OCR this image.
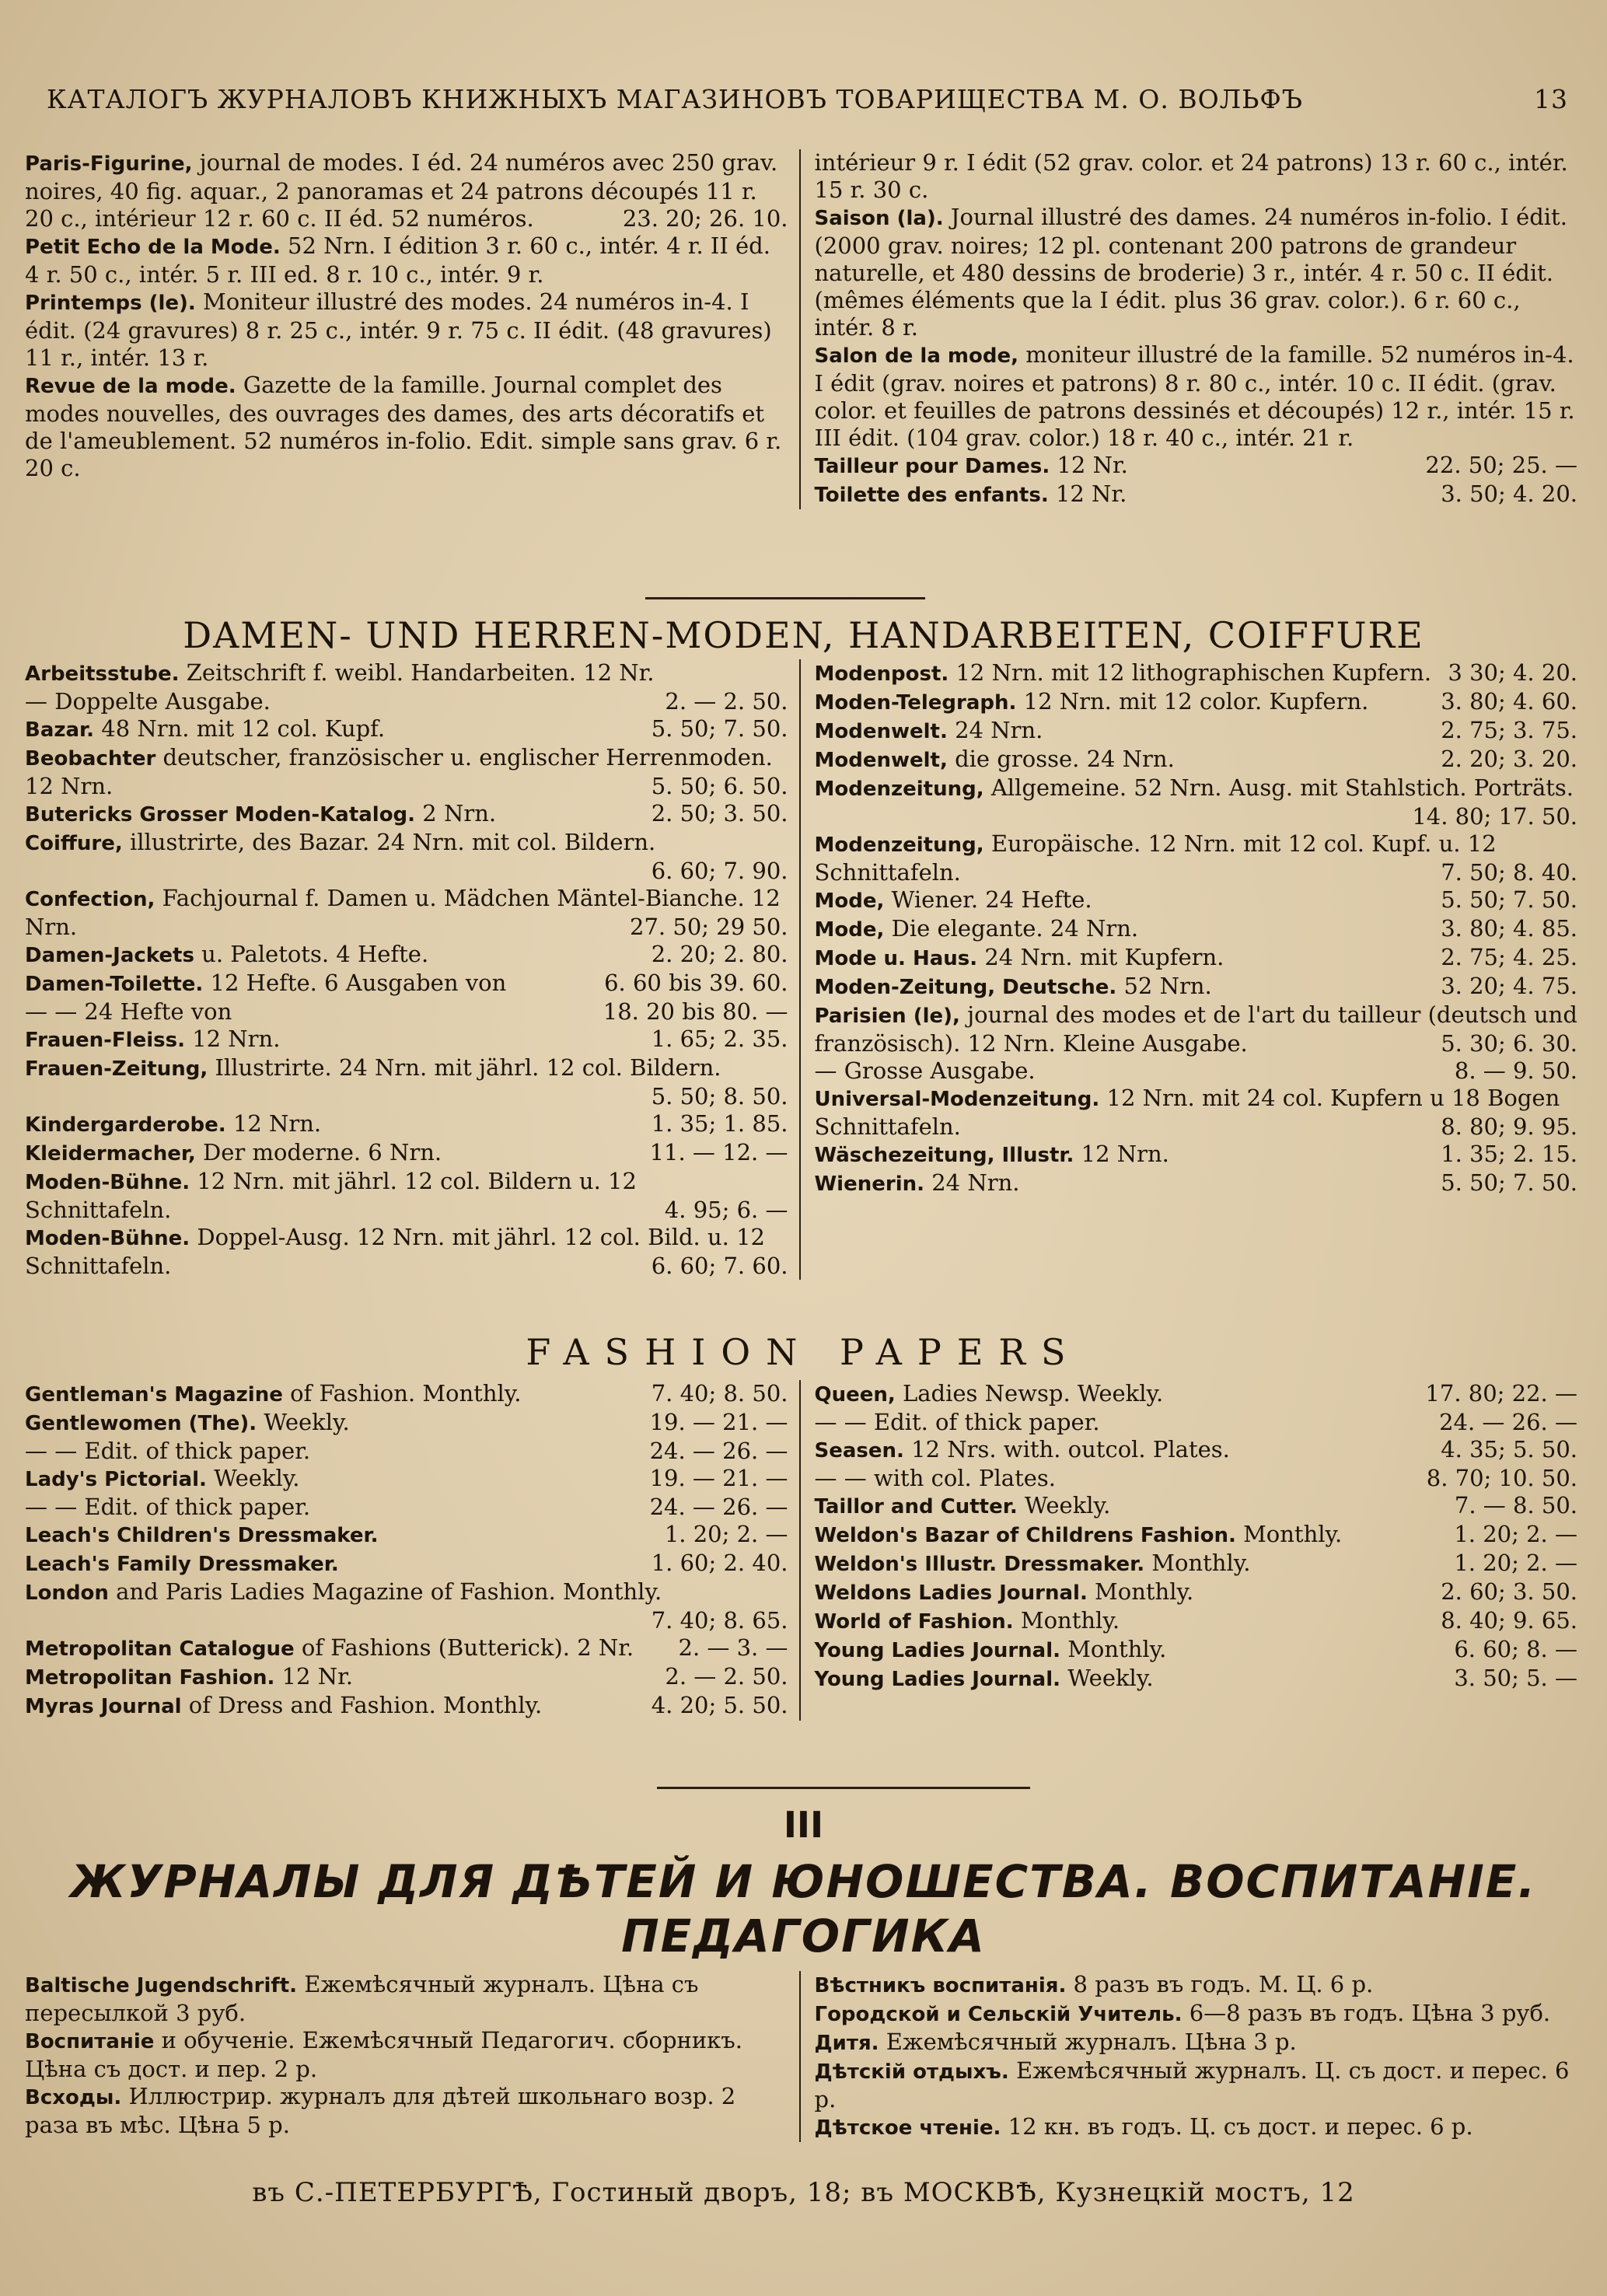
КАТАЛОГЪ ЖУРНАЛОВЪ КНИЖНЫХЪ МАГАЗИНОВЪ ТОВАРИЩЕСТВА М. О. ВОЛЬФЪ	13

Paris-Figurine, journal de modes. I éd. 24 numéros avec 250 grav. noires, 40 fig. aquar., 2 panoramas et 24 patrons découpés 11 r. 20 c., intérieur 12 r. 60 c. II éd. 52 numéros.	23. 20; 26. 10.

Petit Echo de la Mode. 52 Nrn. I édition 3 r. 60 c., intér. 4 r. II éd. 4 r. 50 c., intér. 5 r. III ed. 8 r. 10 c., intér. 9 r.

Printemps (le). Moniteur illustré des modes. 24 numéros in-4. I édit. (24 gravures) 8 r. 25 c., intér. 9 r. 75 c. II édit. (48 gravures) 11 r., intér. 13 r.

Revue de la mode. Gazette de la famille. Journal complet des modes nouvelles, des ouvrages des dames, des arts décoratifs et de l'ameublement. 52 numéros in-folio. Edit. simple sans grav. 6 r. 20 c.

intérieur 9 r. I édit (52 grav. color. et 24 patrons) 13 r. 60 c., intér. 15 r. 30 c.

Saison (la). Journal illustré des dames. 24 numéros in-folio. I édit. (2000 grav. noires; 12 pl. contenant 200 patrons de grandeur naturelle, et 480 dessins de broderie) 3 r., intér. 4 r. 50 c. II édit. (mêmes éléments que la I édit. plus 36 grav. color.). 6 r. 60 c., intér. 8 r.

Salon de la mode, moniteur illustré de la famille. 52 numéros in-4. I édit (grav. noires et patrons) 8 r. 80 c., intér. 10 c. II édit. (grav. color. et feuilles de patrons dessinés et découpés) 12 r., intér. 15 r. III édit. (104 grav. color.) 18 r. 40 c., intér. 21 r.

Tailleur pour Dames. 12 Nr.	22. 50; 25. —

Toilette des enfants. 12 Nr.	3. 50; 4. 20.

DAMEN- UND HERREN-MODEN, HANDARBEITEN, COIFFURE

Arbeitsstube. Zeitschrift f. weibl. Handarbeiten. 12 Nr.

— Doppelte Ausgabe.	2. — 2. 50.

Bazar. 48 Nrn. mit 12 col. Kupf.	5. 50; 7. 50.

Beobachter deutscher, französischer u. englischer Herrenmoden. 12 Nrn.	5. 50; 6. 50.

Butericks Grosser Moden-Katalog. 2 Nrn.	2. 50; 3. 50.

Coiffure, illustrirte, des Bazar. 24 Nrn. mit col. Bildern.
6. 60; 7. 90.

Confection, Fachjournal f. Damen u. Mädchen Mäntel-Bianche. 12 Nrn.	27. 50; 29 50.

Damen-Jackets u. Paletots. 4 Hefte.	2. 20; 2. 80.

Damen-Toilette. 12 Hefte. 6 Ausgaben von	6. 60 bis 39. 60.

— — 24 Hefte von	18. 20 bis 80. —

Frauen-Fleiss. 12 Nrn.	1. 65; 2. 35.

Frauen-Zeitung, Illustrirte. 24 Nrn. mit jährl. 12 col. Bildern.
5. 50; 8. 50.

Kindergarderobe. 12 Nrn.	1. 35; 1. 85.

Kleidermacher, Der moderne. 6 Nrn.	11. — 12. —

Moden-Bühne. 12 Nrn. mit jährl. 12 col. Bildern u. 12 Schnittafeln.	4. 95; 6. —

Moden-Bühne. Doppel-Ausg. 12 Nrn. mit jährl. 12 col. Bild. u. 12 Schnittafeln.	6. 60; 7. 60.

Modenpost. 12 Nrn. mit 12 lithographischen Kupfern. 3 30; 4. 20.

Moden-Telegraph. 12 Nrn. mit 12 color. Kupfern.	3. 80; 4. 60.

Modenwelt. 24 Nrn.	2. 75; 3. 75.

Modenwelt, die grosse. 24 Nrn.	2. 20; 3. 20.

Modenzeitung, Allgemeine. 52 Nrn. Ausg. mit Stahlstich. Porträts.
14. 80; 17. 50.

Modenzeitung, Europäische. 12 Nrn. mit 12 col. Kupf. u. 12 Schnittafeln.	7. 50; 8. 40.

Mode, Wiener. 24 Hefte.	5. 50; 7. 50.

Mode, Die elegante. 24 Nrn.	3. 80; 4. 85.

Mode u. Haus. 24 Nrn. mit Kupfern.	2. 75; 4. 25.

Moden-Zeitung, Deutsche. 52 Nrn.	3. 20; 4. 75.

Parisien (le), journal des modes et de l'art du tailleur (deutsch und französisch). 12 Nrn. Kleine Ausgabe.	5. 30; 6. 30.

— Grosse Ausgabe.	8. — 9. 50.

Universal-Modenzeitung. 12 Nrn. mit 24 col. Kupfern u 18 Bogen Schnittafeln.	8. 80; 9. 95.

Wäschezeitung, Illustr. 12 Nrn.	1. 35; 2. 15.

Wienerin. 24 Nrn.	5. 50; 7. 50.

FASHION PAPERS

Gentleman's Magazine of Fashion. Monthly.	7. 40; 8. 50.

Gentlewomen (The). Weekly.	19. — 21. —

— — Edit. of thick paper.	24. — 26. —

Lady's Pictorial. Weekly.	19. — 21. —

— — Edit. of thick paper.	24. — 26. —

Leach's Children's Dressmaker.	1. 20; 2. —

Leach's Family Dressmaker.	1. 60; 2. 40.

London and Paris Ladies Magazine of Fashion. Monthly.
7. 40; 8. 65.

Metropolitan Catalogue of Fashions (Butterick). 2 Nr. 2. — 3. —

Metropolitan Fashion. 12 Nr.	2. — 2. 50.

Myras Journal of Dress and Fashion. Monthly.	4. 20; 5. 50.

Queen, Ladies Newsp. Weekly.	17. 80; 22. —

— — Edit. of thick paper.	24. — 26. —

Seasen. 12 Nrs. with. outcol. Plates.	4. 35; 5. 50.

— — with col. Plates.	8. 70; 10. 50.

Taillor and Cutter. Weekly.	7. — 8. 50.

Weldon's Bazar of Childrens Fashion. Monthly.	1. 20; 2. —

Weldon's Illustr. Dressmaker. Monthly.	1. 20; 2. —

Weldons Ladies Journal. Monthly.	2. 60; 3. 50.

World of Fashion. Monthly.	8. 40; 9. 65.

Young Ladies Journal. Monthly.	6. 60; 8. —

Young Ladies Journal. Weekly.	3. 50; 5. —

III
ЖУРНАЛЫ ДЛЯ ДѢТЕЙ И ЮНОШЕСТВА. ВОСПИТАНІЕ.
ПЕДАГОГИКА

Baltische Jugendschrift. Ежемѣсячный журналъ. Цѣна съ пересылкой 3 руб.

Воспитаніе и обученіе. Ежемѣсячный Педагогич. сборникъ. Цѣна съ дост. и пер. 2 р.

Всходы. Иллюстрир. журналъ для дѣтей школьнаго возр. 2 раза въ мѣс. Цѣна 5 р.

Вѣстникъ воспитанія. 8 разъ въ годъ. М. Ц. 6 р.

Городской и Сельскій Учитель. 6—8 разъ въ годъ. Цѣна 3 руб.

Дитя. Ежемѣсячный журналъ. Цѣна 3 р.

Дѣтскій отдыхъ. Ежемѣсячный журналъ. Ц. съ дост. и перес. 6 р.

Дѣтское чтеніе. 12 кн. въ годъ. Ц. съ дост. и перес. 6 р.

въ С.-ПЕТЕРБУРГѢ, Гостиный дворъ, 18; въ МОСКВѢ, Кузнецкій мостъ, 12
